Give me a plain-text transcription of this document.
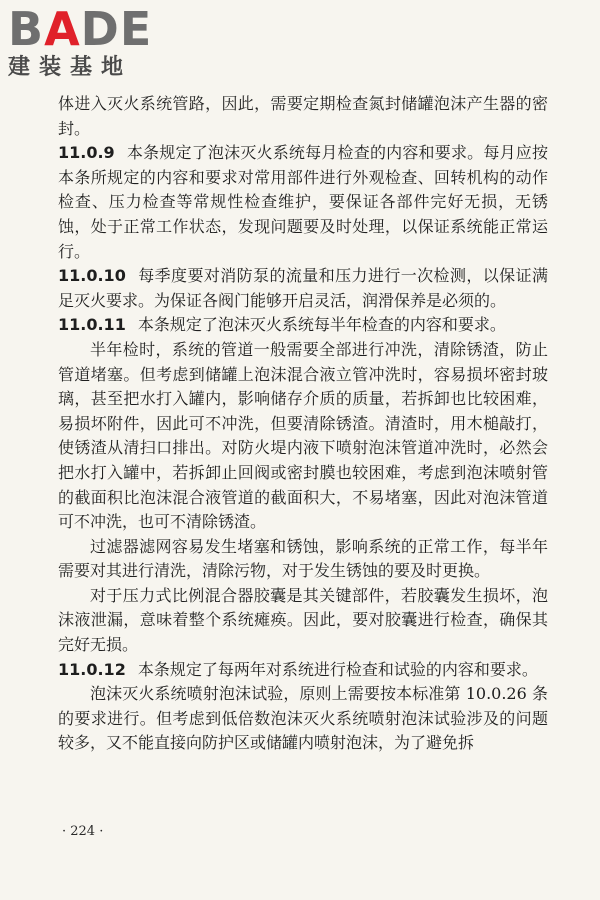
BADE
建装基地

体进入灭火系统管路，因此，需要定期检查氮封储罐泡沫产生器的密封。

11.0.9 本条规定了泡沫灭火系统每月检查的内容和要求。每月应按本条所规定的内容和要求对常用部件进行外观检查、回转机构的动作检查、压力检查等常规性检查维护，要保证各部件完好无损，无锈蚀，处于正常工作状态，发现问题要及时处理，以保证系统能正常运行。

11.0.10 每季度要对消防泵的流量和压力进行一次检测，以保证满足灭火要求。为保证各阀门能够开启灵活，润滑保养是必须的。

11.0.11 本条规定了泡沫灭火系统每半年检查的内容和要求。

半年检时，系统的管道一般需要全部进行冲洗，清除锈渣，防止管道堵塞。但考虑到储罐上泡沫混合液立管冲洗时，容易损坏密封玻璃，甚至把水打入罐内，影响储存介质的质量，若拆卸也比较困难，易损坏附件，因此可不冲洗，但要清除锈渣。清渣时，用木槌敲打，使锈渣从清扫口排出。对防火堤内液下喷射泡沫管道冲洗时，必然会把水打入罐中，若拆卸止回阀或密封膜也较困难，考虑到泡沫喷射管的截面积比泡沫混合液管道的截面积大，不易堵塞，因此对泡沫管道可不冲洗，也可不清除锈渣。

过滤器滤网容易发生堵塞和锈蚀，影响系统的正常工作，每半年需要对其进行清洗，清除污物，对于发生锈蚀的要及时更换。

对于压力式比例混合器胶囊是其关键部件，若胶囊发生损坏，泡沫液泄漏，意味着整个系统瘫痪。因此，要对胶囊进行检查，确保其完好无损。

11.0.12 本条规定了每两年对系统进行检查和试验的内容和要求。

泡沫灭火系统喷射泡沫试验，原则上需要按本标准第 10.0.26 条的要求进行。但考虑到低倍数泡沫灭火系统喷射泡沫试验涉及的问题较多，又不能直接向防护区或储罐内喷射泡沫，为了避免拆

· 224 ·
